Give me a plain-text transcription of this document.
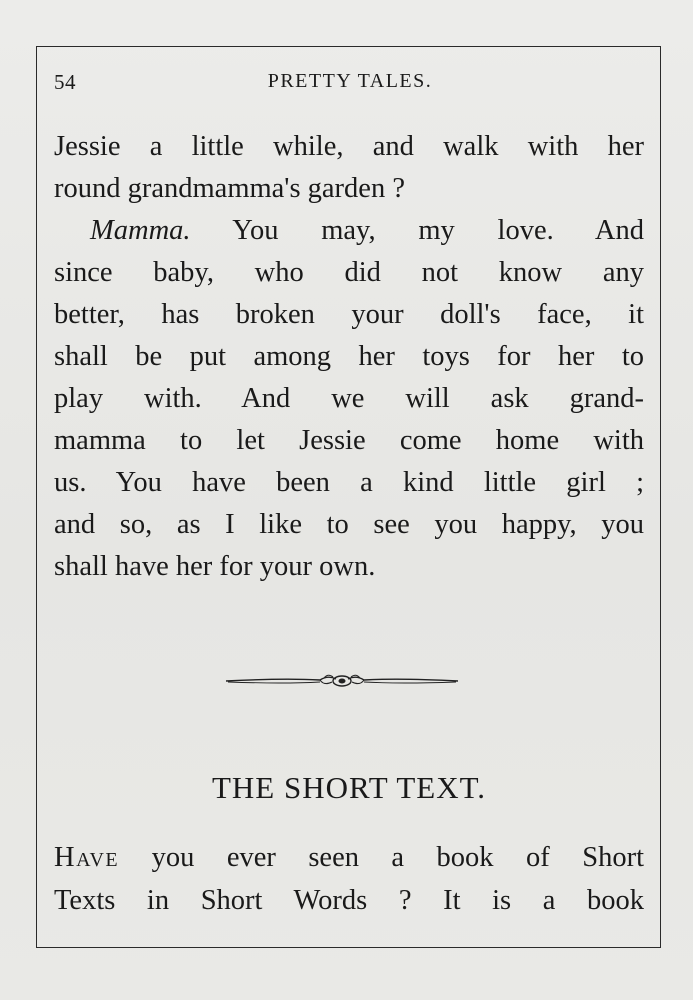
54	PRETTY TALES.
Jessie a little while, and walk with her
round grandmamma's garden ?
Mamma. You may, my love. And
since baby, who did not know any
better, has broken your doll's face, it
shall be put among her toys for her to
play with. And we will ask grand-
mamma to let Jessie come home with
us. You have been a kind little girl ;
and so, as I like to see you happy, you
shall have her for your own.
THE SHORT TEXT.
Have you ever seen a book of Short
Texts in Short Words ? It is a book
